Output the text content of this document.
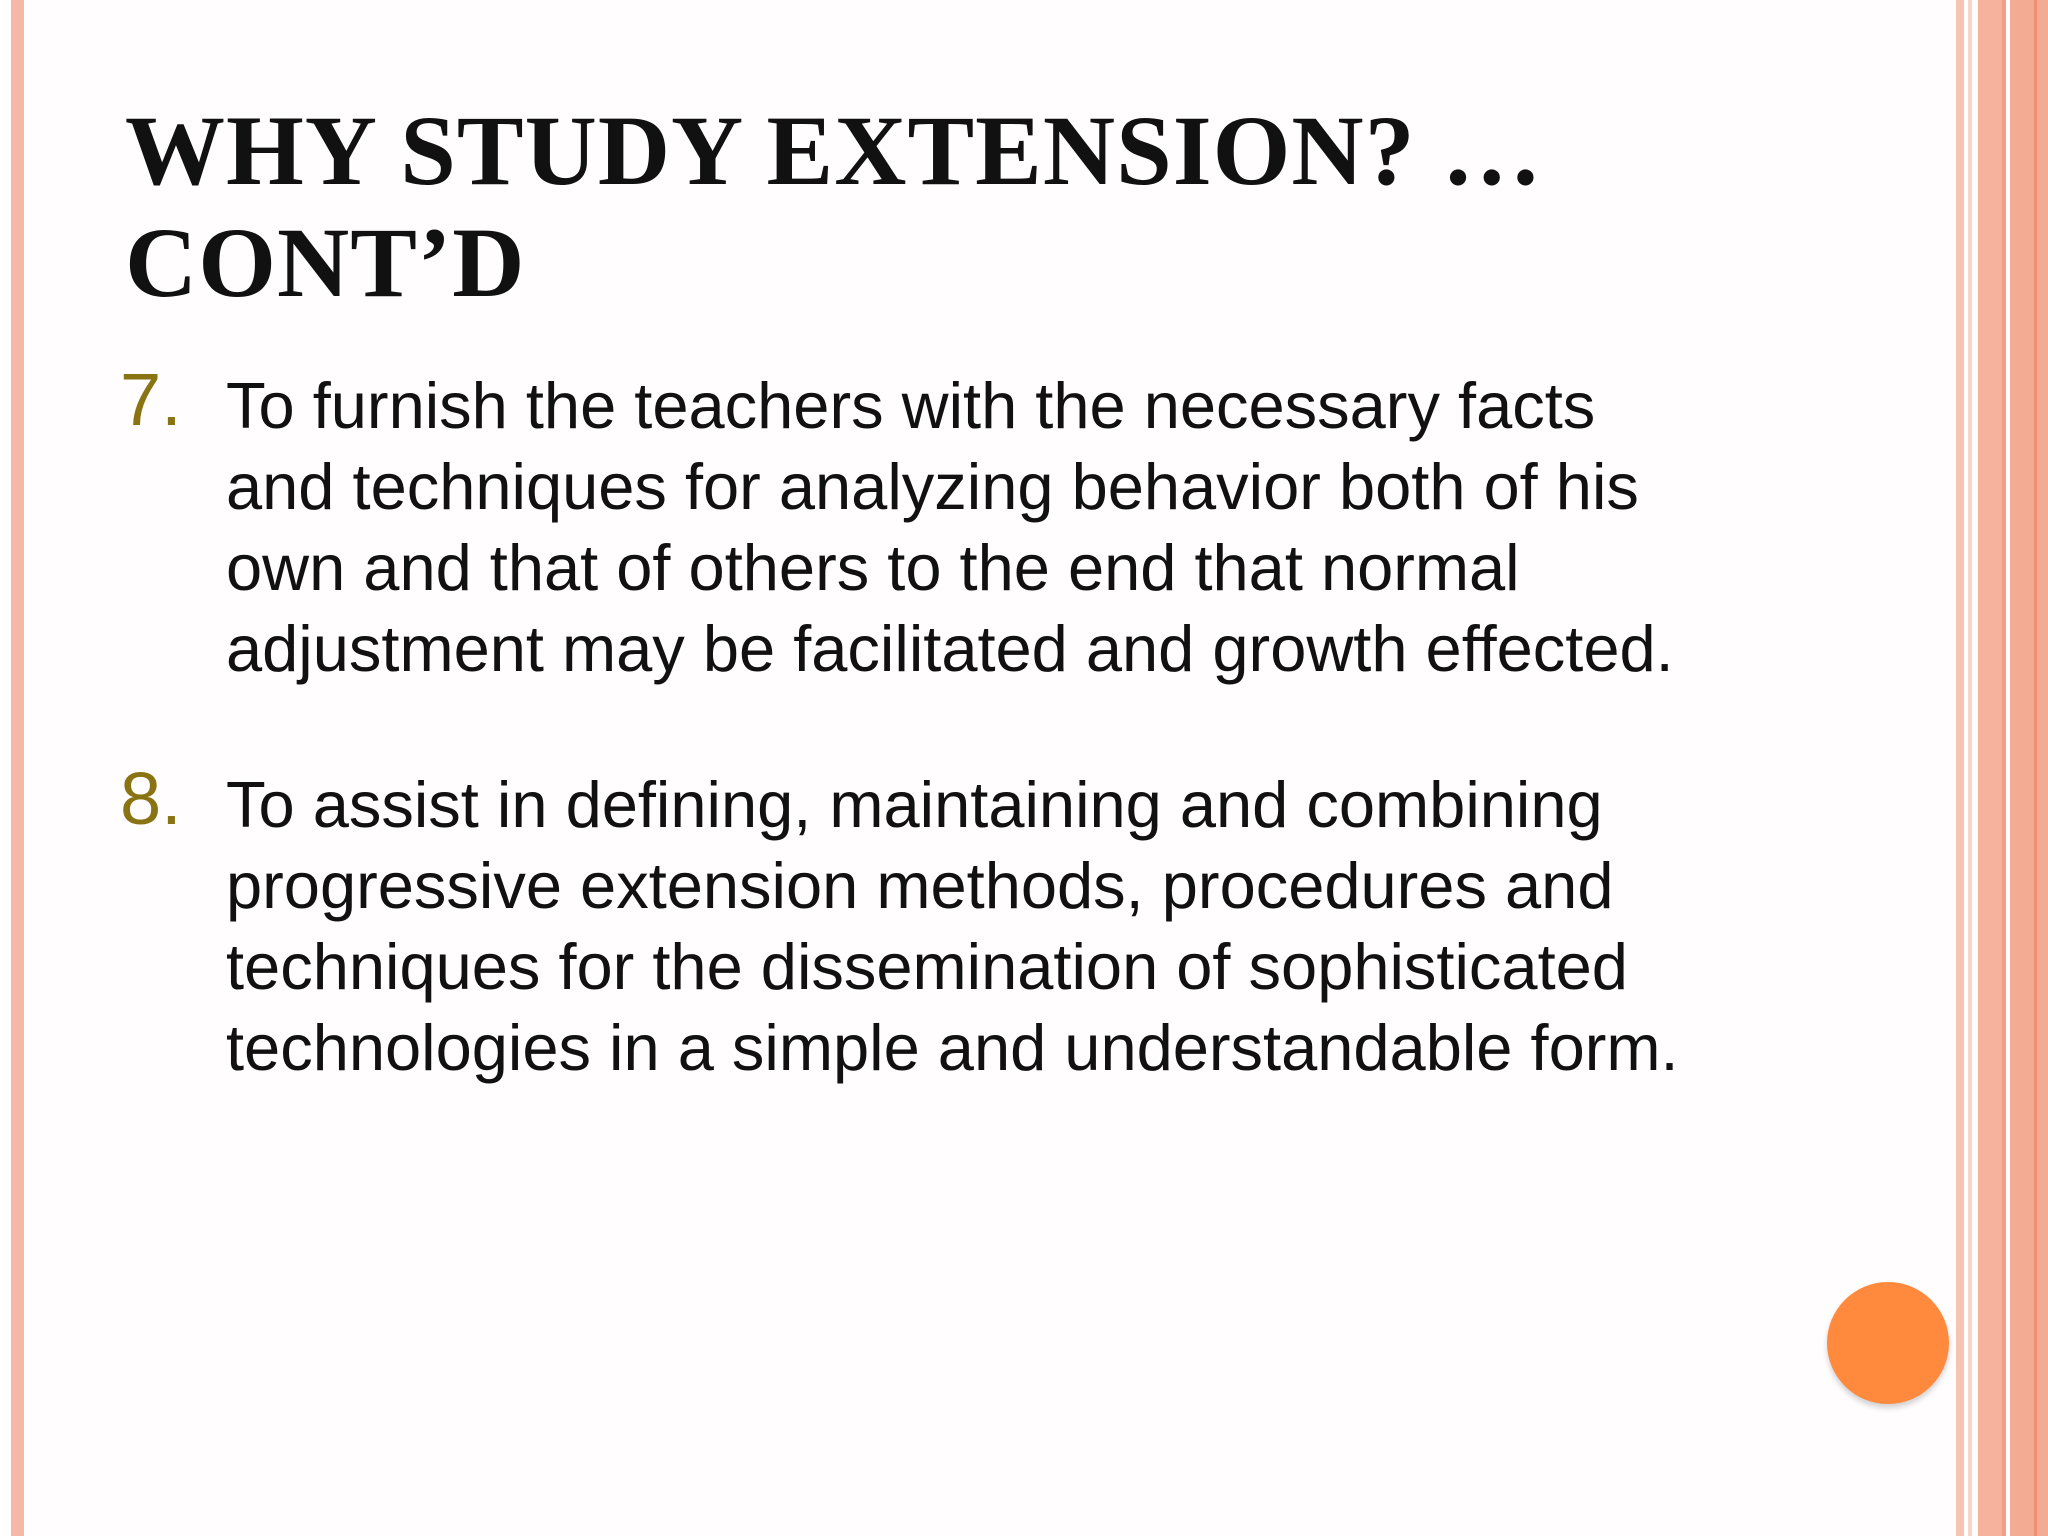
WHY STUDY EXTENSION? …
CONT’D
7. To furnish the teachers with the necessary facts
and techniques for analyzing behavior both of his
own and that of others to the end that normal
adjustment may be facilitated and growth effected.
8. To assist in defining, maintaining and combining
progressive extension methods, procedures and
techniques for the dissemination of sophisticated
technologies in a simple and understandable form.
